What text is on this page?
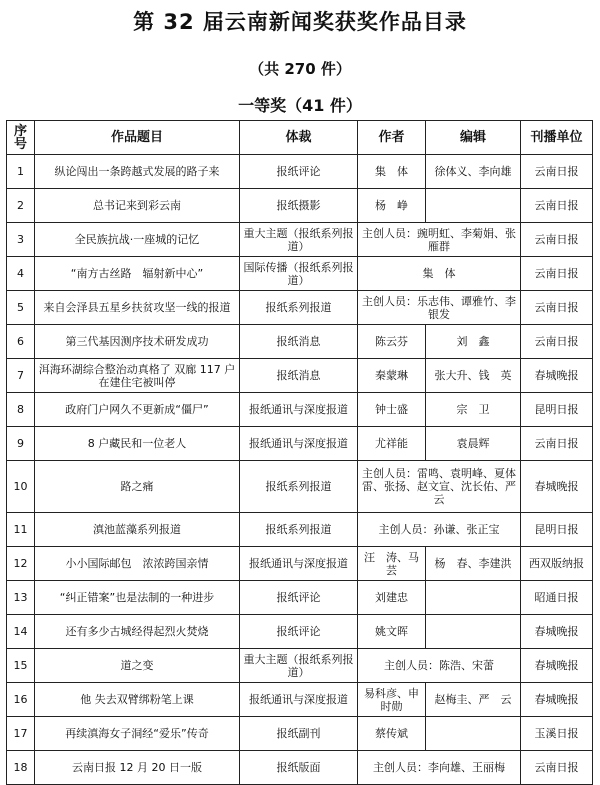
第 32 届云南新闻奖获奖作品目录
（共 270 件）
一等奖（41 件）
序号	作品题目	体裁	作者	编辑	刊播单位
1	纵论闯出一条跨越式发展的路子来	报纸评论	集　体	徐体义、李向雄	云南日报
2	总书记来到彩云南	报纸摄影	杨　峥		云南日报
3	全民族抗战·一座城的记忆	重大主题（报纸系列报道）	主创人员：豌明虹、李菊娟、张雁群		云南日报
4	“南方古丝路　辐射新中心”	国际传播（报纸系列报道）	集　体		云南日报
5	来自会泽县五星乡扶贫攻坚一线的报道	报纸系列报道	主创人员：乐志伟、谭雅竹、李银发		云南日报
6	第三代基因测序技术研发成功	报纸消息	陈云芬	刘　鑫	云南日报
7	洱海环湖综合整治动真格了 双廊 117 户在建住宅被叫停	报纸消息	秦蒙琳	张大升、钱　英	春城晚报
8	政府门户网久不更新成“僵尸”	报纸通讯与深度报道	钟士盛	宗　卫	昆明日报
9	8 户藏民和一位老人	报纸通讯与深度报道	尤祥能	袁晨辉	云南日报
10	路之痛	报纸系列报道	主创人员：雷鸣、袁明峰、夏体雷、张扬、赵文宣、沈长佑、严云		春城晚报
11	滇池蓝藻系列报道	报纸系列报道	主创人员：孙谦、张正宝		昆明日报
12	小小国际邮包　浓浓跨国亲情	报纸通讯与深度报道	汪　涛、马　芸	杨　春、李建洪	西双版纳报
13	“纠正错案”也是法制的一种进步	报纸评论	刘建忠		昭通日报
14	还有多少古城经得起烈火焚烧	报纸评论	姚文晖		春城晚报
15	道之变	重大主题（报纸系列报道）	主创人员：陈浩、宋蕾		春城晚报
16	他 失去双臂绑粉笔上课	报纸通讯与深度报道	易科彦、申时勋	赵梅圭、严　云	春城晚报
17	再续滇海女子洞经“爱乐”传奇	报纸副刊	蔡传斌		玉溪日报
18	云南日报 12 月 20 日一版	报纸版面	主创人员：李向雄、王丽梅		云南日报
